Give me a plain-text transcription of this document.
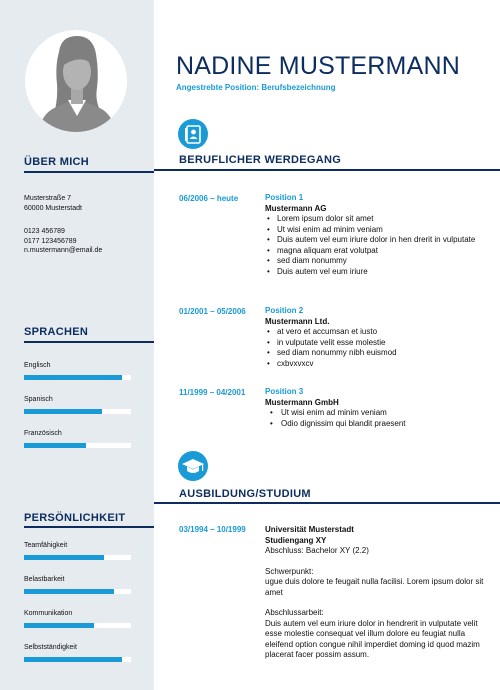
ÜBER MICH
Musterstraße 7
60000 Musterstadt
0123 456789
0177 123456789
n.mustermann@email.de
SPRACHEN
Englisch
Spanisch
Französisch
PERSÖNLICHKEIT
Teamfähigkeit
Belastbarkeit
Kommunikation
Selbstständigkeit
NADINE MUSTERMANN
Angestrebte Position: Berufsbezeichnung
BERUFLICHER WERDEGANG
06/2006 – heute	Position 1
Mustermann AG
• Lorem ipsum dolor sit amet
• Ut wisi enim ad minim veniam
• Duis autem vel eum iriure dolor in hen drerit in vulputate
• magna aliquam erat volutpat
• sed diam nonummy
• Duis autem vel eum iriure
01/2001 – 05/2006 Position 2
Mustermann Ltd.
• at vero et accumsan et iusto
• in vulputate velit esse molestie
• sed diam nonummy nibh euismod
• cxbvxvxcv
11/1999 – 04/2001 Position 3
Mustermann GmbH
• Ut wisi enim ad minim veniam
• Odio dignissim qui blandit praesent
AUSBILDUNG/STUDIUM
03/1994 – 10/1999 Universität Musterstadt
Studiengang XY
Abschluss: Bachelor XY (2.2)
Schwerpunkt:
ugue duis dolore te feugait nulla facilisi. Lorem ipsum dolor sit amet
Abschlussarbeit:
Duis autem vel eum iriure dolor in hendrerit in vulputate velit esse molestie consequat vel illum dolore eu feugiat nulla eleifend option congue nihil imperdiet doming id quod mazim placerat facer possim assum.
